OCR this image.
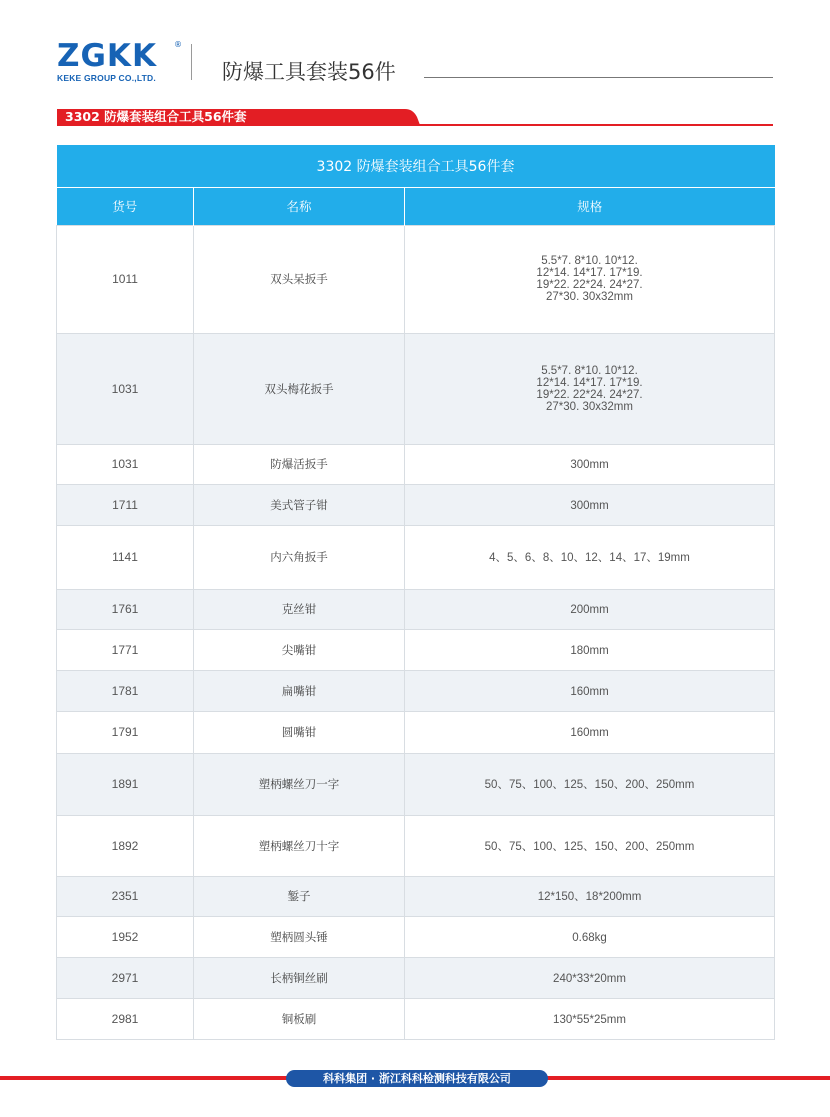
ZGKK	®
KEKE GROUP CO.,LTD.	防爆工具套装56件
3302 防爆套装组合工具56件套
3302 防爆套装组合工具56件套		
货号	名称	规格
1011	双头呆扳手	5.5*7. 8*10. 10*12.
12*14. 14*17. 17*19.
19*22. 22*24. 24*27.
27*30. 30x32mm

1031	双头梅花扳手	5.5*7. 8*10. 10*12.
12*14. 14*17. 17*19.
19*22. 22*24. 24*27.
27*30. 30x32mm

1031	防爆活扳手	300mm

1711	美式管子钳	300mm

1141	内六角扳手	4、5、6、8、10、12、14、17、19mm

1761	克丝钳	200mm

1771	尖嘴钳	180mm

1781	扁嘴钳	160mm

1791	圆嘴钳	160mm

1891	塑柄螺丝刀一字	50、75、100、125、150、200、250mm

1892	塑柄螺丝刀十字	50、75、100、125、150、200、250mm

2351	錾子	12*150、18*200mm

1952	塑柄圆头锤	0.68kg

2971	长柄铜丝刷	240*33*20mm

2981	铜板刷	130*55*25mm
科科集团 · 浙江科科检测科技有限公司
